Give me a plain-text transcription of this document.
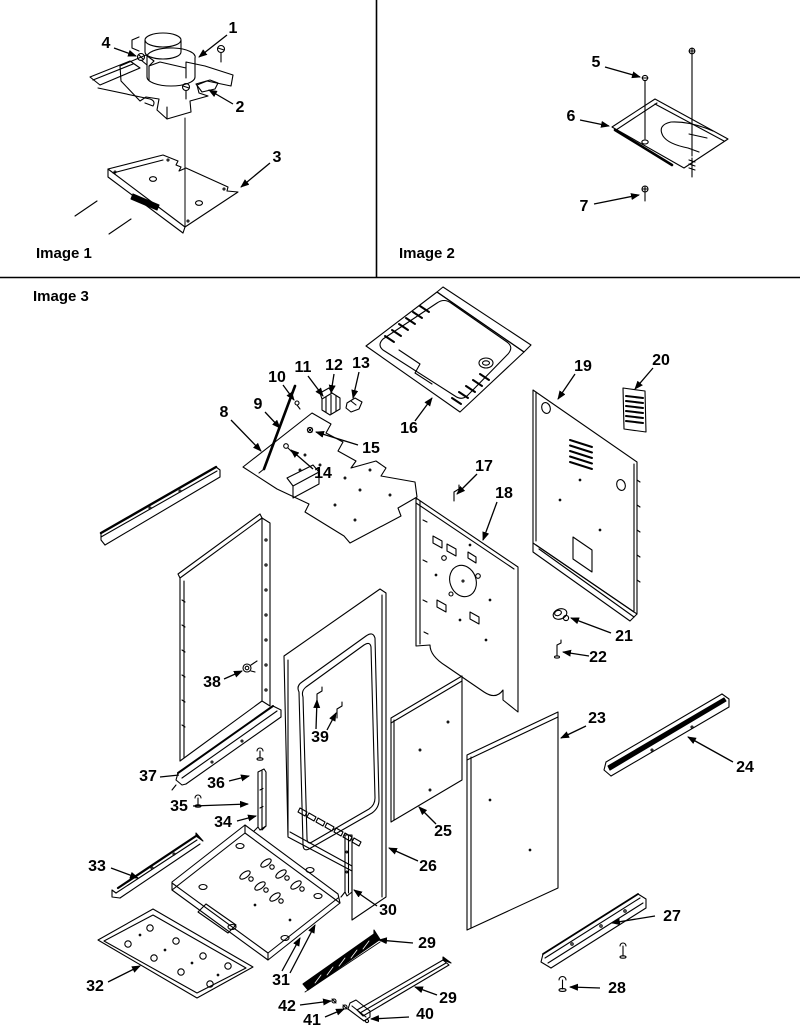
Image 1	Image 2
Image 3
1
2
3
4
5
6
7
8 9
10
11 12 13
14
15
16
17
18
19	20
21
22
23
24
25
26
27
28
29
29
30
31
32
33
34
35
36
37
38
39
40
41
42
